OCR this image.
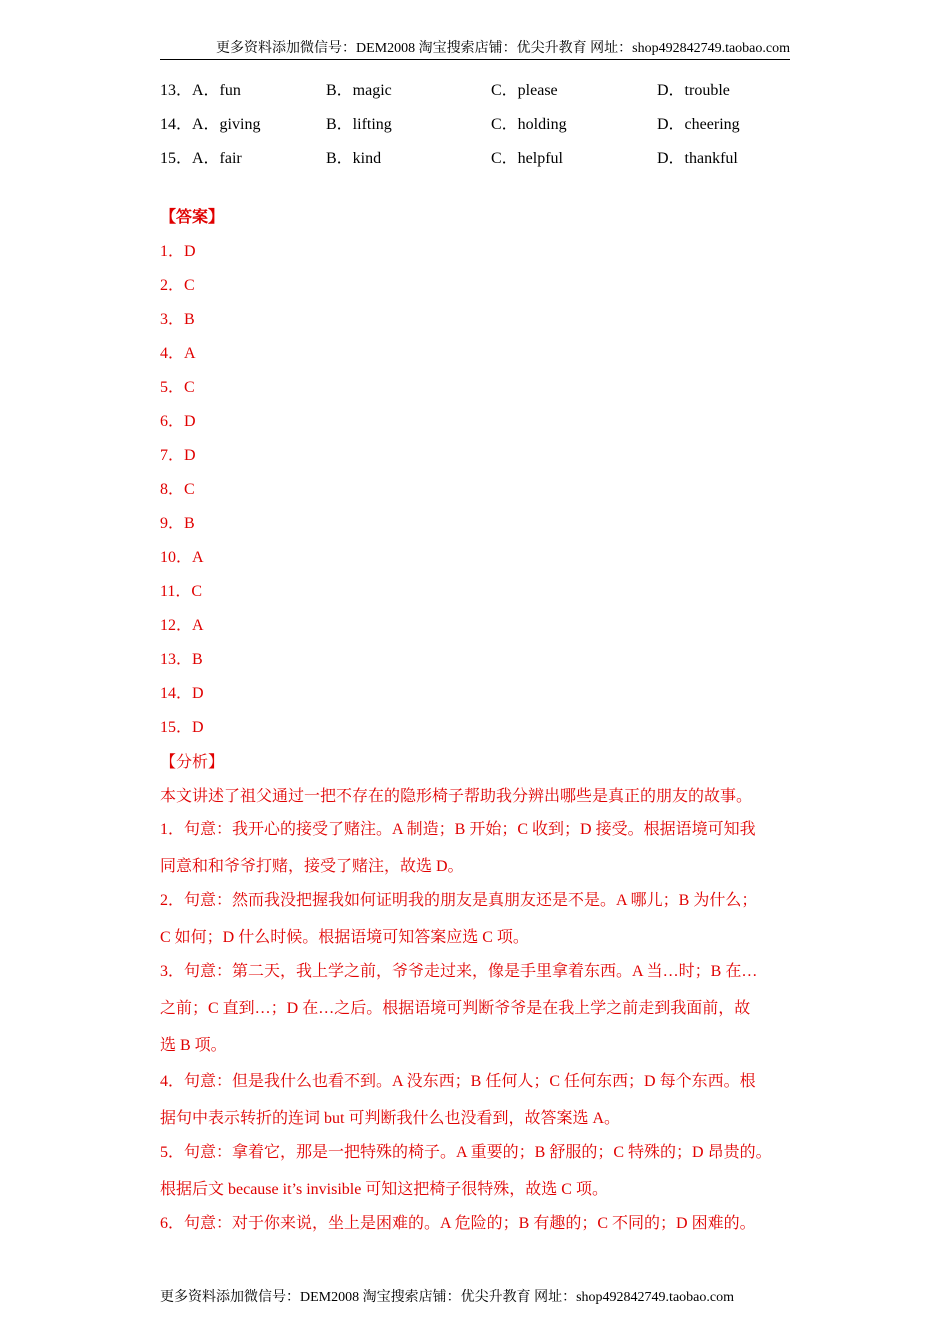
更多资料添加微信号：DEM2008 淘宝搜索店铺：优尖升教育 网址：shop492842749.taobao.com
13．A．fun	B．magic	C．please	D．trouble
14．A．giving	B．lifting	C．holding	D．cheering
15．A．fair	B．kind	C．helpful	D．thankful
【答案】
1．D
2．C
3．B
4．A
5．C
6．D
7．D
8．C
9．B
10．A
11．C
12．A
13．B
14．D
15．D
【分析】
本文讲述了祖父通过一把不存在的隐形椅子帮助我分辨出哪些是真正的朋友的故事。
1．句意：我开心的接受了赌注。A 制造；B 开始；C 收到；D 接受。根据语境可知我
同意和和爷爷打赌，接受了赌注，故选 D。
2．句意：然而我没把握我如何证明我的朋友是真朋友还是不是。A 哪儿；B 为什么；
C 如何；D 什么时候。根据语境可知答案应选 C 项。
3．句意：第二天，我上学之前，爷爷走过来，像是手里拿着东西。A 当…时；B 在…
之前；C 直到…；D 在…之后。根据语境可判断爷爷是在我上学之前走到我面前，故
选 B 项。
4．句意：但是我什么也看不到。A 没东西；B 任何人；C 任何东西；D 每个东西。根
据句中表示转折的连词 but 可判断我什么也没看到，故答案选 A。
5．句意：拿着它，那是一把特殊的椅子。A 重要的；B 舒服的；C 特殊的；D 昂贵的。
根据后文 because it’s invisible 可知这把椅子很特殊，故选 C 项。
6．句意：对于你来说，坐上是困难的。A 危险的；B 有趣的；C 不同的；D 困难的。
更多资料添加微信号：DEM2008 淘宝搜索店铺：优尖升教育 网址：shop492842749.taobao.com
